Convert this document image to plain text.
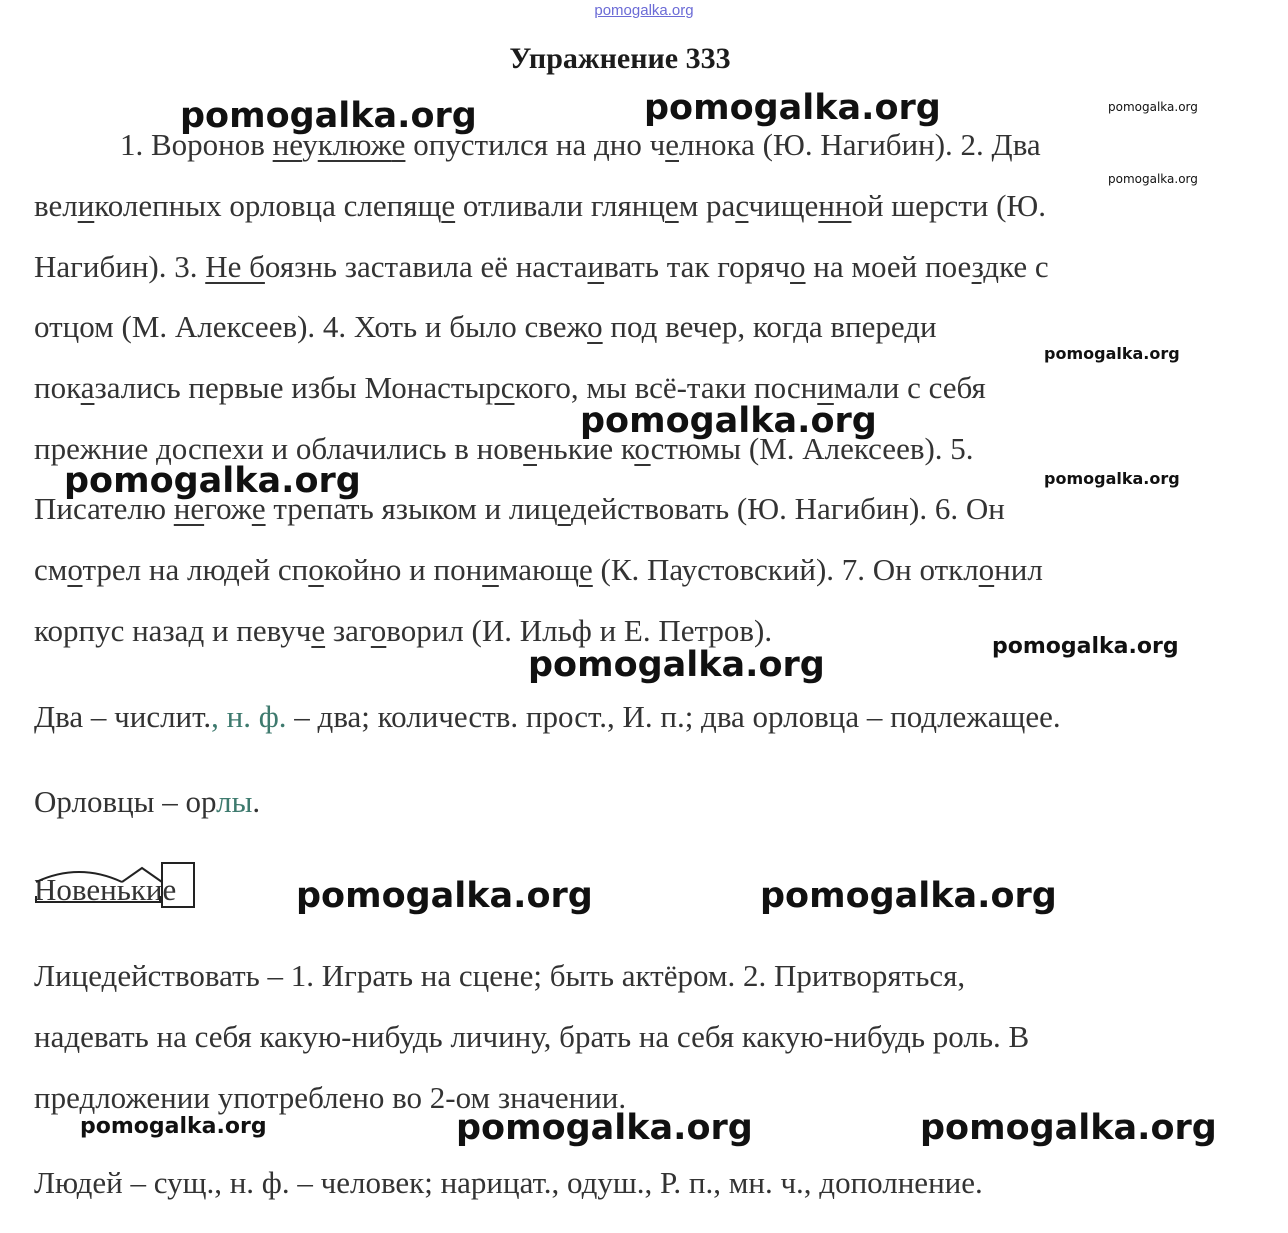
pomogalka.org
Упражнение 333
1. Воронов неуклюже опустился на дно челнока (Ю. Нагибин). 2. Два
великолепных орловца слепяще отливали глянцем расчищенной шерсти (Ю.
Нагибин). 3. Не боязнь заставила её настаивать так горячо на моей поездке с
отцом (М. Алексеев). 4. Хоть и было свежо под вечер, когда впереди
показались первые избы Монастырского, мы всё-таки поснимали с себя
прежние доспехи и облачились в новенькие костюмы (М. Алексеев). 5.
Писателю негоже трепать языком и лицедействовать (Ю. Нагибин). 6. Он
смотрел на людей спокойно и понимающе (К. Паустовский). 7. Он отклонил
корпус назад и певуче заговорил (И. Ильф и Е. Петров).
Два – числит., н. ф. – два; количеств. прост., И. п.; два орловца – подлежащее.
Орловцы – орлы.
Новенькие
Лицедействовать – 1. Играть на сцене; быть актёром. 2. Притворяться,
надевать на себя какую-нибудь личину, брать на себя какую-нибудь роль. В
предложении употреблено во 2-ом значении.
Людей – сущ., н. ф. – человек; нарицат., одуш., Р. п., мн. ч., дополнение.
pomogalka.org	pomogalka.org	pomogalka.org
pomogalka.org
pomogalka.org
pomogalka.org
pomogalka.org	pomogalka.org
pomogalka.org
pomogalka.org
pomogalka.org	pomogalka.org
pomogalka.org	pomogalka.org	pomogalka.org
